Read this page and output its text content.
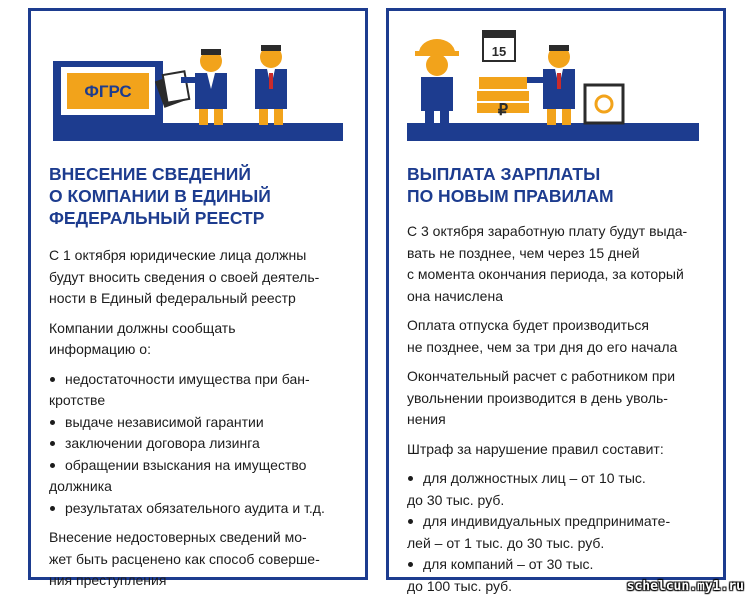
ФГРС
ВНЕСЕНИЕ СВЕДЕНИЙ
О КОМПАНИИ В ЕДИНЫЙ
ФЕДЕРАЛЬНЫЙ РЕЕСТР

С 1 октября юридические лица должны
будут вносить сведения о своей деятель-
ности в Единый федеральный реестр

Компании должны сообщать
информацию о:

недостаточности имущества при бан-
кротстве
выдаче независимой гарантии
заключении договора лизинга
обращении взыскания на имущество
должника
результатах обязательного аудита и т.д.

Внесение недостоверных сведений мо-
жет быть расценено как способ соверше-
ния преступления

₽
15
ВЫПЛАТА ЗАРПЛАТЫ
ПО НОВЫМ ПРАВИЛАМ

С 3 октября заработную плату будут выда-
вать не позднее, чем через 15 дней
с момента окончания периода, за который
она начислена

Оплата отпуска будет производиться
не позднее, чем за три дня до его начала

Окончательный расчет с работником при
увольнении производится в день уволь-
нения

Штраф за нарушение правил составит:

для должностных лиц – от 10 тыс.
до 30 тыс. руб.
для индивидуальных предпринимате-
лей – от 1 тыс. до 30 тыс. руб.
для компаний – от 30 тыс.
до 100 тыс. руб.	schelcun.my1.ru
